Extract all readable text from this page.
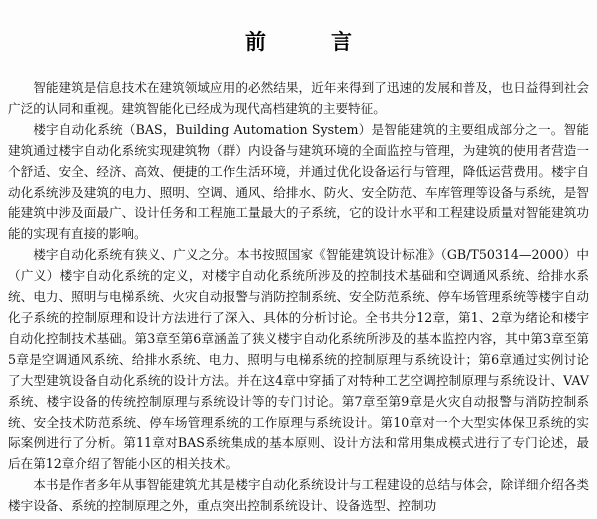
前　言

智能建筑是信息技术在建筑领域应用的必然结果，近年来得到了迅速的发展和普及，也日益得到社会广泛的认同和重视。建筑智能化已经成为现代高档建筑的主要特征。

楼宇自动化系统（BAS，Building Automation System）是智能建筑的主要组成部分之一。智能建筑通过楼宇自动化系统实现建筑物（群）内设备与建筑环境的全面监控与管理，为建筑的使用者营造一个舒适、安全、经济、高效、便捷的工作生活环境，并通过优化设备运行与管理，降低运营费用。楼宇自动化系统涉及建筑的电力、照明、空调、通风、给排水、防火、安全防范、车库管理等设备与系统，是智能建筑中涉及面最广、设计任务和工程施工量最大的子系统，它的设计水平和工程建设质量对智能建筑功能的实现有直接的影响。

楼宇自动化系统有狭义、广义之分。本书按照国家《智能建筑设计标准》（GB/T50314—2000）中（广义）楼宇自动化系统的定义，对楼宇自动化系统所涉及的控制技术基础和空调通风系统、给排水系统、电力、照明与电梯系统、火灾自动报警与消防控制系统、安全防范系统、停车场管理系统等楼宇自动化子系统的控制原理和设计方法进行了深入、具体的分析讨论。全书共分12章，第1、2章为绪论和楼宇自动化控制技术基础。第3章至第6章涵盖了狭义楼宇自动化系统所涉及的基本监控内容，其中第3章至第5章是空调通风系统、给排水系统、电力、照明与电梯系统的控制原理与系统设计；第6章通过实例讨论了大型建筑设备自动化系统的设计方法。并在这4章中穿插了对特种工艺空调控制原理与系统设计、VAV系统、楼宇设备的传统控制原理与系统设计等的专门讨论。第7章至第9章是火灾自动报警与消防控制系统、安全技术防范系统、停车场管理系统的工作原理与系统设计。第10章对一个大型实体保卫系统的实际案例进行了分析。第11章对BAS系统集成的基本原则、设计方法和常用集成模式进行了专门论述，最后在第12章介绍了智能小区的相关技术。

本书是作者多年从事智能建筑尤其是楼宇自动化系统设计与工程建设的总结与体会，除详细介绍各类楼宇设备、系统的控制原理之外，重点突出控制系统设计、设备选型、控制功
